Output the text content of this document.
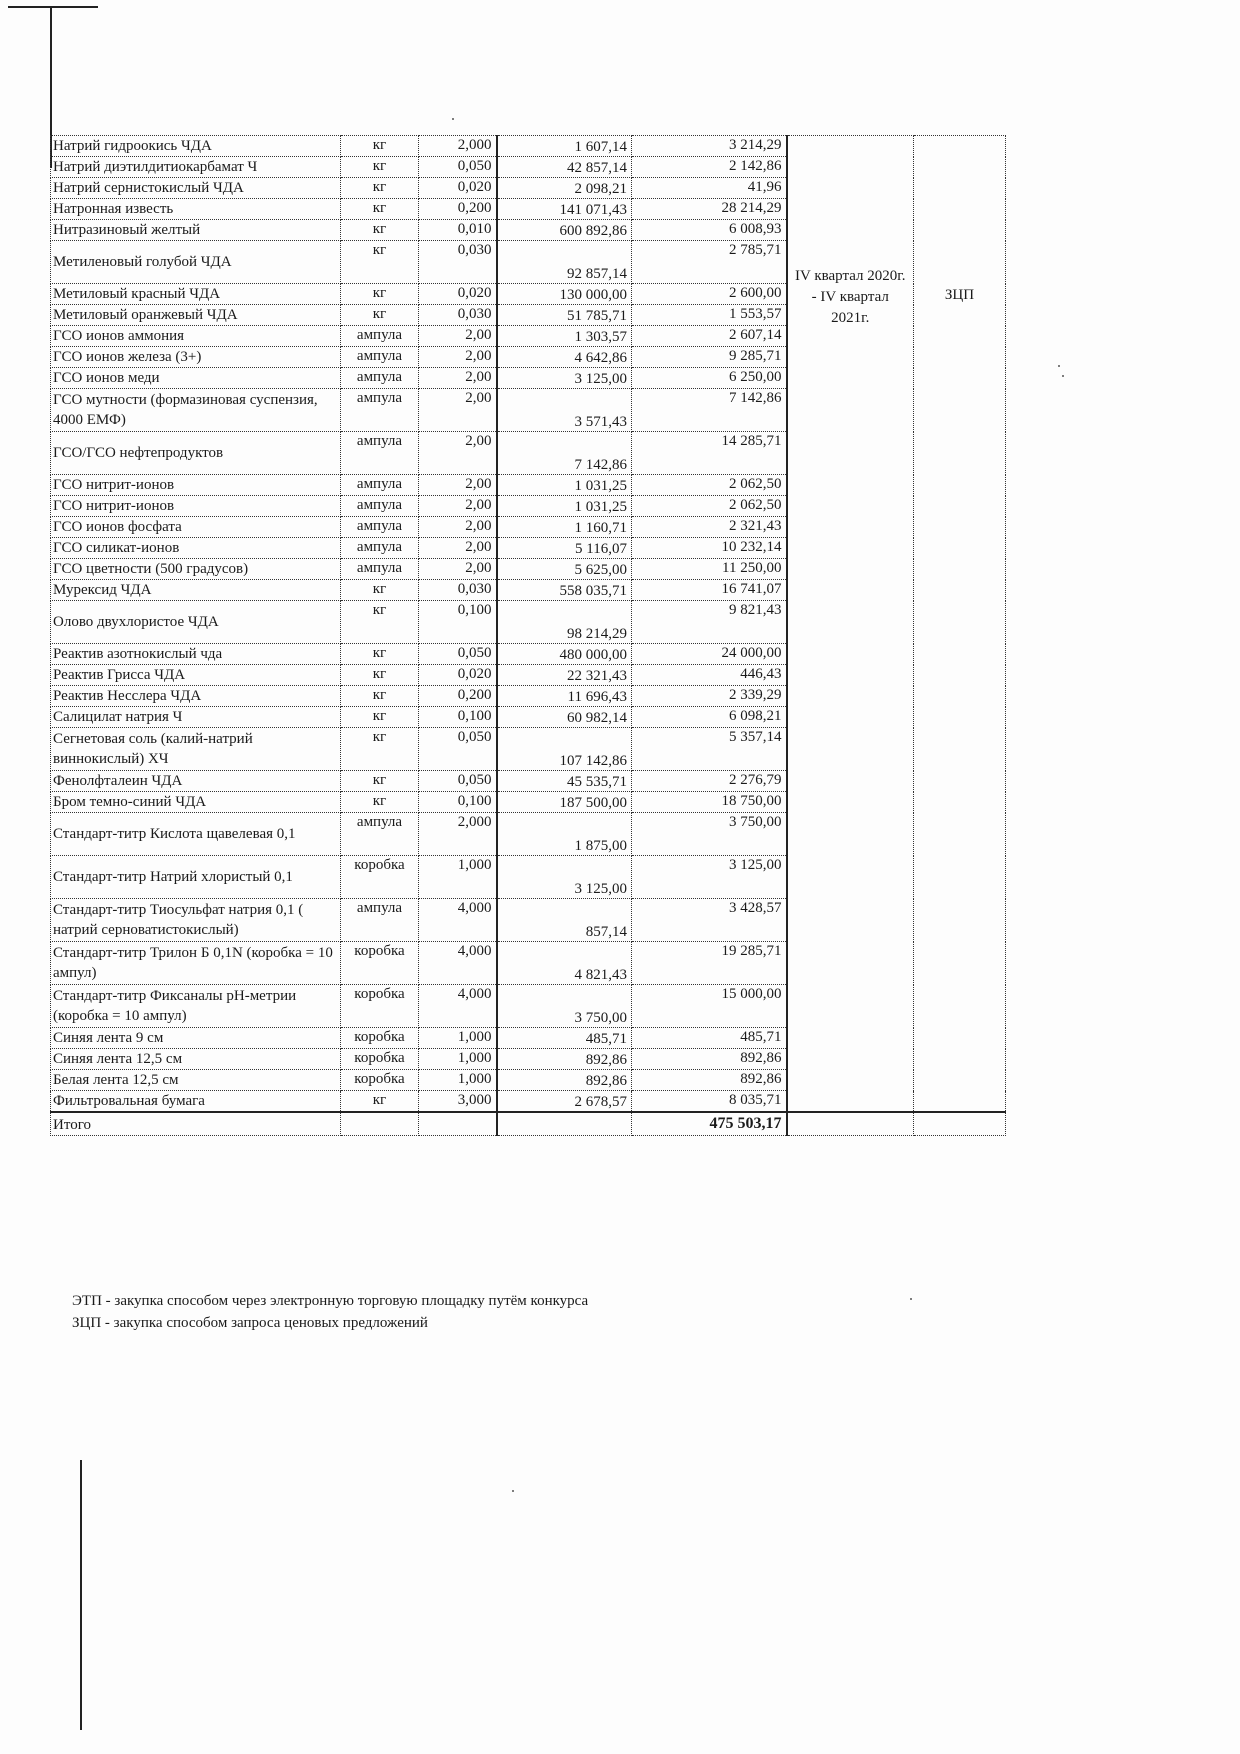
Натрий гидроокись ЧДА	кг	2,000	1 607,14	3 214,29	IV квартал 2020г. - IV квартал 2021г.	ЗЦП
Натрий диэтилдитиокарбамат Ч	кг	0,050	42 857,14	2 142,86		
Натрий сернистокислый ЧДА	кг	0,020	2 098,21	41,96		
Натронная известь	кг	0,200	141 071,43	28 214,29		
Нитразиновый желтый	кг	0,010	600 892,86	6 008,93		
Метиленовый голубой ЧДА	кг	0,030	92 857,14	2 785,71		
Метиловый красный ЧДА	кг	0,020	130 000,00	2 600,00		
Метиловый оранжевый ЧДА	кг	0,030	51 785,71	1 553,57		
ГСО ионов аммония	ампула	2,00	1 303,57	2 607,14		
ГСО ионов железа (3+)	ампула	2,00	4 642,86	9 285,71		
ГСО ионов меди	ампула	2,00	3 125,00	6 250,00		
ГСО мутности (формазиновая суспензия, 4000 ЕМФ)	ампула	2,00	3 571,43	7 142,86		
ГСО/ГСО нефтепродуктов	ампула	2,00	7 142,86	14 285,71		
ГСО нитрит-ионов	ампула	2,00	1 031,25	2 062,50		
ГСО нитрит-ионов	ампула	2,00	1 031,25	2 062,50		
ГСО ионов фосфата	ампула	2,00	1 160,71	2 321,43		
ГСО силикат-ионов	ампула	2,00	5 116,07	10 232,14		
ГСО цветности (500 градусов)	ампула	2,00	5 625,00	11 250,00		
Мурексид ЧДА	кг	0,030	558 035,71	16 741,07		
Олово двухлористое ЧДА	кг	0,100	98 214,29	9 821,43		
Реактив азотнокислый чда	кг	0,050	480 000,00	24 000,00		
Реактив Грисса ЧДА	кг	0,020	22 321,43	446,43		
Реактив Несслера ЧДА	кг	0,200	11 696,43	2 339,29		
Салицилат натрия Ч	кг	0,100	60 982,14	6 098,21		
Сегнетовая соль (калий-натрий виннокислый) ХЧ	кг	0,050	107 142,86	5 357,14		
Фенолфталеин ЧДА	кг	0,050	45 535,71	2 276,79		
Бром темно-синий ЧДА	кг	0,100	187 500,00	18 750,00		
Стандарт-титр Кислота щавелевая 0,1	ампула	2,000	1 875,00	3 750,00		
Стандарт-титр Натрий хлористый 0,1	коробка	1,000	3 125,00	3 125,00		
Стандарт-титр Тиосульфат натрия 0,1 ( натрий серноватистокислый)	ампула	4,000	857,14	3 428,57		
Стандарт-титр Трилон Б 0,1N (коробка = 10 ампул)	коробка	4,000	4 821,43	19 285,71		
Стандарт-титр Фиксаналы pH-метрии (коробка = 10 ампул)	коробка	4,000	3 750,00	15 000,00		
Синяя лента 9 см	коробка	1,000	485,71	485,71		
Синяя лента 12,5 см	коробка	1,000	892,86	892,86		
Белая лента 12,5 см	коробка	1,000	892,86	892,86		
Фильтровальная бумага	кг	3,000	2 678,57	8 035,71		
Итого				475 503,17		
ЭТП - закупка способом через электронную торговую площадку путём конкурса
ЗЦП - закупка способом запроса ценовых предложений
